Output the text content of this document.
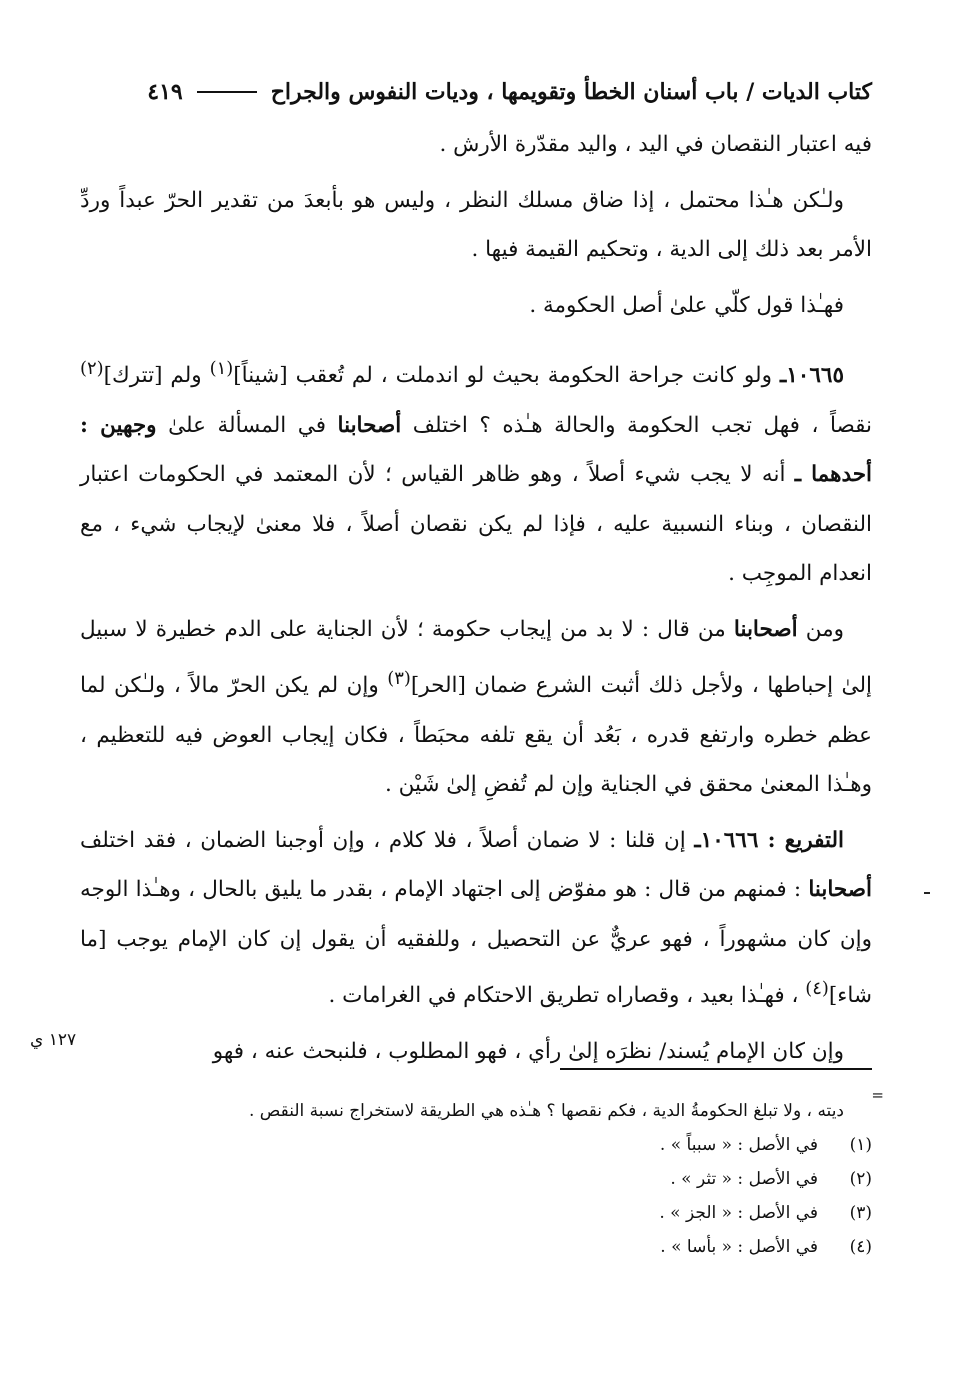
كتاب الديات / باب أسنان الخطأ وتقويمها ، وديات النفوس والجراح
٤١٩

فيه اعتبار النقصان في اليد ، واليد مقدّرة الأرش .

ولـٰكن هـٰذا محتمل ، إذا ضاق مسلك النظر ، وليس هو بأبعدَ من تقدير الحرّ عبداً وردِّ الأمر بعد ذلك إلى الدية ، وتحكيم القيمة فيها .

فهـٰذا قول كلّي علىٰ أصل الحكومة .

١٠٦٦٥ـ ولو كانت جراحة الحكومة بحيث لو اندملت ، لم تُعقب [شيناً]$^{(١)}$ ولم [تترك]$^{(٢)}$ نقصاً ، فهل تجب الحكومة والحالة هـٰذه ؟ اختلف أصحابنا في المسألة علىٰ وجهين : أحدهما ـ أنه لا يجب شيء أصلاً ، وهو ظاهر القياس ؛ لأن المعتمد في الحكومات اعتبار النقصان ، وبناء النسبية عليه ، فإذا لم يكن نقصان أصلاً ، فلا معنىٰ لإيجاب شيء ، مع انعدام الموجِب .

ومن أصحابنا من قال : لا بد من إيجاب حكومة ؛ لأن الجناية على الدم خطيرة لا سبيل إلىٰ إحباطها ، ولأجل ذلك أثبت الشرع ضمان [الحر]$^{(٣)}$ وإن لم يكن الحرّ مالاً ، ولـٰكن لما عظم خطره وارتفع قدره ، بَعُد أن يقع تلفه محبَطاً ، فكان إيجاب العوض فيه للتعظيم ، وهـٰذا المعنىٰ محقق في الجناية وإن لم تُفضِ إلىٰ شَيْن .

التفريع : ١٠٦٦٦ـ إن قلنا : لا ضمان أصلاً ، فلا كلام ، وإن أوجبنا الضمان ، فقد اختلف أصحابنا : فمنهم من قال : هو مفوّض إلى اجتهاد الإمام ، بقدر ما يليق بالحال ، وهـٰذا الوجه وإن كان مشهوراً ، فهو عريٌّ عن التحصيل ، وللفقيه أن يقول إن كان الإمام يوجب [ما شاء]$^{(٤)}$ ، فهـٰذا بعيد ، وقصاراه تطريق الاحتكام في الغرامات .

وإن كان الإمام يُسند/ نظرَه إلىٰ رأي ، فهو المطلوب ، فلنبحث عنه ، فهو

١٢٧ ي
=
ديته ، ولا تبلغ الحكومةُ الدية ، فكم نقصها ؟ هـٰذه هي الطريقة لاستخراج نسبة النقص .
(١)
في الأصل : « سبباً » .
(٢)
في الأصل : « تثر » .
(٣)
في الأصل : « الجز » .
(٤)
في الأصل : « بأسا » .
